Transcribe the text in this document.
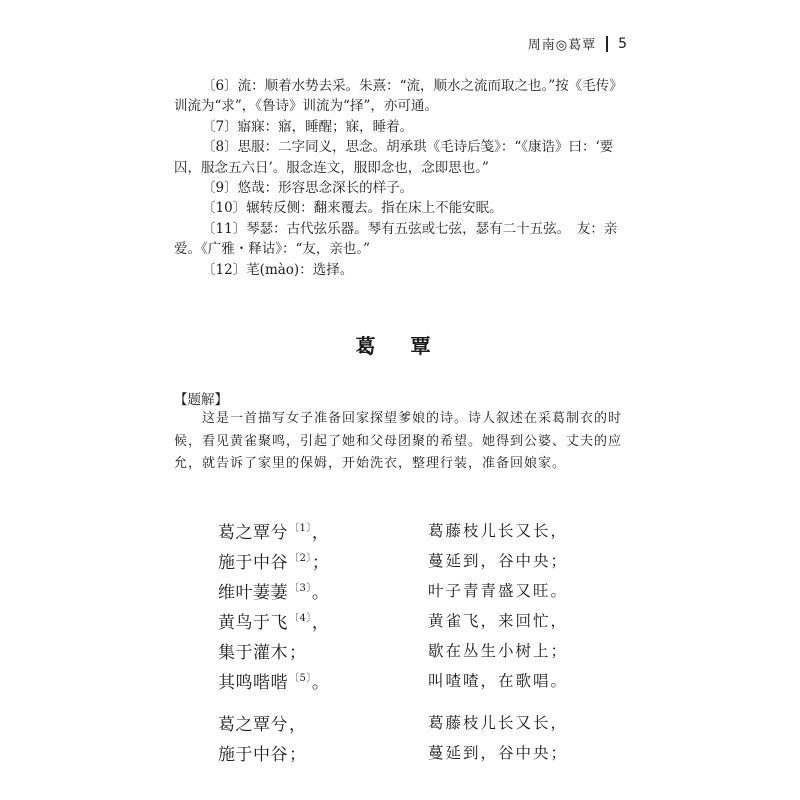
周南◎葛覃 5

〔6〕流：顺着水势去采。朱熹：“流，顺水之流而取之也。”按《毛传》训流为“求”，《鲁诗》训流为“择”，亦可通。

〔7〕寤寐：寤，睡醒；寐，睡着。

〔8〕思服：二字同义，思念。胡承珙《毛诗后笺》：“《康诰》曰：‘要囚，服念五六日’。服念连文，服即念也，念即思也。”

〔9〕悠哉：形容思念深长的样子。

〔10〕辗转反侧：翻来覆去。指在床上不能安眠。

〔11〕琴瑟：古代弦乐器。琴有五弦或七弦，瑟有二十五弦。　友：亲爱。《广雅・释诂》：“友，亲也。”

〔12〕芼(mào)：选择。

葛 覃
【题解】

这是一首描写女子准备回家探望爹娘的诗。诗人叙述在采葛制衣的时候，看见黄雀聚鸣，引起了她和父母团聚的希望。她得到公婆、丈夫的应允，就告诉了家里的保姆，开始洗衣，整理行装，准备回娘家。

葛之覃兮$^{〔1〕}$，	葛藤枝儿长又长，
施于中谷$^{〔2〕}$；	蔓延到，谷中央；
维叶萋萋$^{〔3〕}$。	叶子青青盛又旺。
黄鸟于飞$^{〔4〕}$，	黄雀飞，来回忙，
集于灌木；	歇在丛生小树上；
其鸣喈喈$^{〔5〕}$。	叫喳喳，在歌唱。
葛之覃兮，	葛藤枝儿长又长，
施于中谷；	蔓延到，谷中央；
